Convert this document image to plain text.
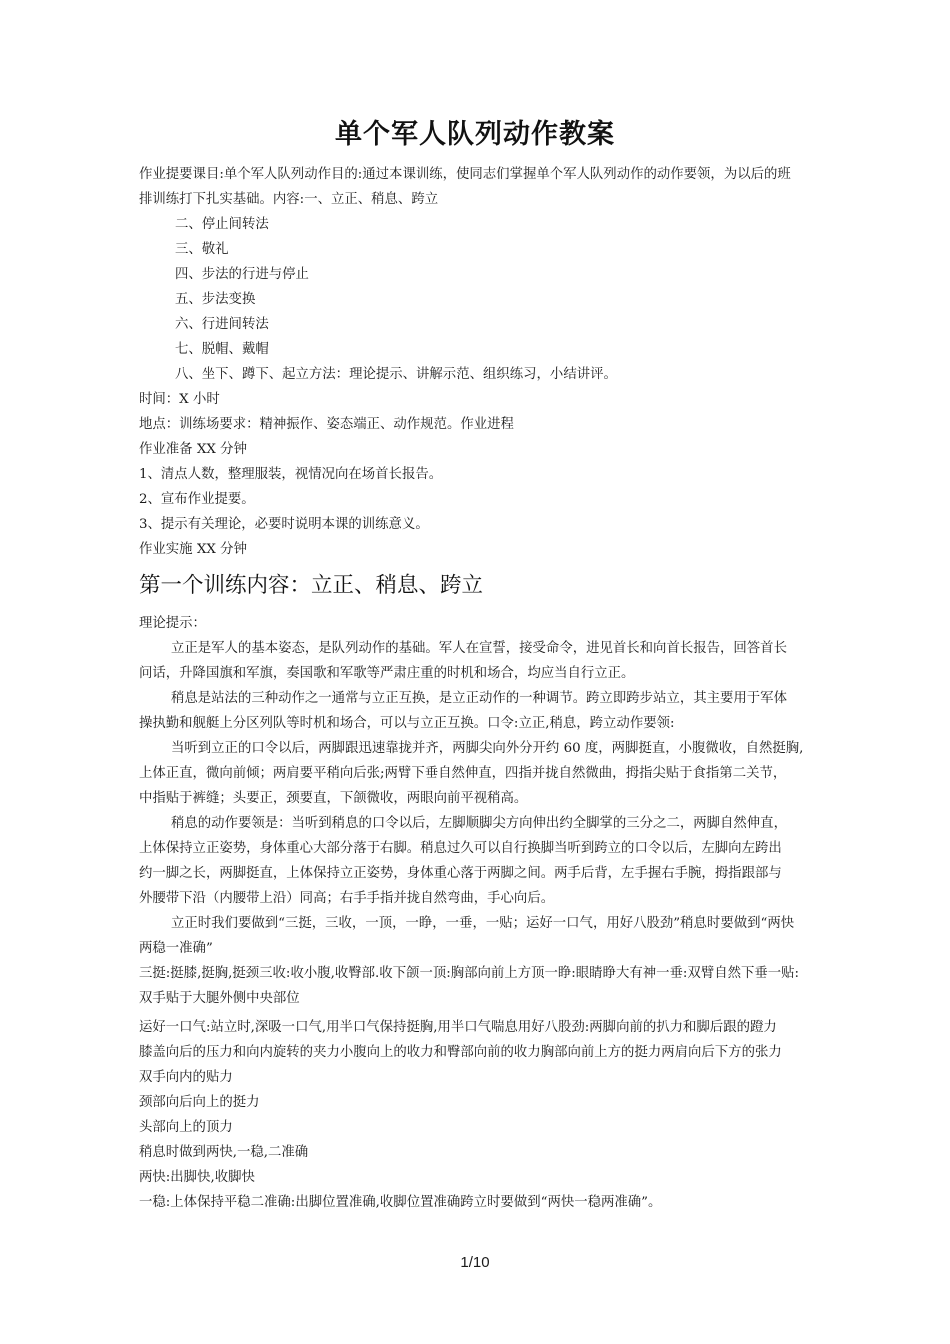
单个军人队列动作教案
作业提要课目:单个军人队列动作目的:通过本课训练，使同志们掌握单个军人队列动作的动作要领，为以后的班
排训练打下扎实基础。内容:一、立正、稍息、跨立
二、停止间转法
三、敬礼
四、步法的行进与停止
五、步法变换
六、行进间转法
七、脱帽、戴帽
八、坐下、蹲下、起立方法：理论提示、讲解示范、组织练习，小结讲评。
时间：X 小时
地点：训练场要求：精神振作、姿态端正、动作规范。作业进程
作业准备 XX 分钟
1、清点人数，整理服装，视情况向在场首长报告。
2、宣布作业提要。
3、提示有关理论，必要时说明本课的训练意义。
作业实施 XX 分钟
第一个训练内容：立正、稍息、跨立
理论提示：
立正是军人的基本姿态，是队列动作的基础。军人在宣誓，接受命令，进见首长和向首长报告，回答首长
问话，升降国旗和军旗，奏国歌和军歌等严肃庄重的时机和场合，均应当自行立正。
稍息是站法的三种动作之一通常与立正互换，是立正动作的一种调节。跨立即跨步站立，其主要用于军体
操执勤和舰艇上分区列队等时机和场合，可以与立正互换。口令:立正,稍息，跨立动作要领:
当听到立正的口令以后，两脚跟迅速靠拢并齐，两脚尖向外分开约 60 度，两脚挺直，小腹微收，自然挺胸,
上体正直，微向前倾；两肩要平稍向后张;两臂下垂自然伸直，四指并拢自然微曲，拇指尖贴于食指第二关节，
中指贴于裤缝；头要正，颈要直，下颌微收，两眼向前平视稍高。
稍息的动作要领是：当听到稍息的口令以后，左脚顺脚尖方向伸出约全脚掌的三分之二，两脚自然伸直，
上体保持立正姿势，身体重心大部分落于右脚。稍息过久可以自行换脚当听到跨立的口令以后，左脚向左跨出
约一脚之长，两脚挺直，上体保持立正姿势，身体重心落于两脚之间。两手后背，左手握右手腕，拇指跟部与
外腰带下沿（内腰带上沿）同高；右手手指并拢自然弯曲，手心向后。
立正时我们要做到“三挺，三收，一顶，一睁，一垂，一贴；运好一口气，用好八股劲”稍息时要做到“两快
两稳一准确”
三挺:挺膝,挺胸,挺颈三收:收小腹,收臀部.收下颌一顶:胸部向前上方顶一睁:眼睛睁大有神一垂:双臂自然下垂一贴:
双手贴于大腿外侧中央部位
运好一口气:站立时,深吸一口气,用半口气保持挺胸,用半口气喘息用好八股劲:两脚向前的扒力和脚后跟的蹬力
膝盖向后的压力和向内旋转的夹力小腹向上的收力和臀部向前的收力胸部向前上方的挺力两肩向后下方的张力
双手向内的贴力
颈部向后向上的挺力
头部向上的顶力
稍息时做到两快,一稳,二准确
两快:出脚快,收脚快
一稳:上体保持平稳二准确:出脚位置准确,收脚位置准确跨立时要做到“两快一稳两准确”。
1/10
